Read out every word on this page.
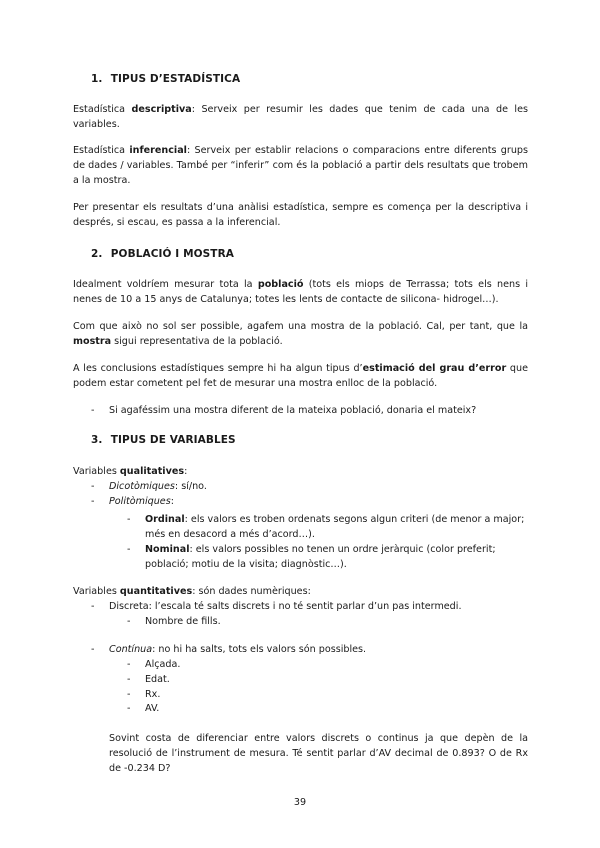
1. TIPUS D’ESTADÍSTICA
Estadística descriptiva: Serveix per resumir les dades que tenim de cada una de les variables.
Estadística inferencial: Serveix per establir relacions o comparacions entre diferents grups de dades / variables. També per “inferir” com és la població a partir dels resultats que trobem a la mostra.
Per presentar els resultats d’una anàlisi estadística, sempre es comença per la descriptiva i després, si escau, es passa a la inferencial.
2. POBLACIÓ I MOSTRA
Idealment voldríem mesurar tota la població (tots els miops de Terrassa; tots els nens i nenes de 10 a 15 anys de Catalunya; totes les lents de contacte de silicona- hidrogel…).
Com que això no sol ser possible, agafem una mostra de la població. Cal, per tant, que la mostra sigui representativa de la població.
A les conclusions estadístiques sempre hi ha algun tipus d’estimació del grau d’error que podem estar cometent pel fet de mesurar una mostra enlloc de la població.
- Si agaféssim una mostra diferent de la mateixa població, donaria el mateix?
3. TIPUS DE VARIABLES
Variables qualitatives:
- Dicotòmiques: sí/no.
- Politòmiques:
- Ordinal: els valors es troben ordenats segons algun criteri (de menor a major;
més en desacord a més d’acord…).
- Nominal: els valors possibles no tenen un ordre jeràrquic (color preferit;
població; motiu de la visita; diagnòstic…).
Variables quantitatives: són dades numèriques:
- Discreta: l’escala té salts discrets i no té sentit parlar d’un pas intermedi.
- Nombre de fills.
- Contínua: no hi ha salts, tots els valors són possibles.
- Alçada.
- Edat.
- Rx.
- AV.
Sovint costa de diferenciar entre valors discrets o continus ja que depèn de la resolució de l’instrument de mesura. Té sentit parlar d’AV decimal de 0.893? O de Rx de -0.234 D?
39
